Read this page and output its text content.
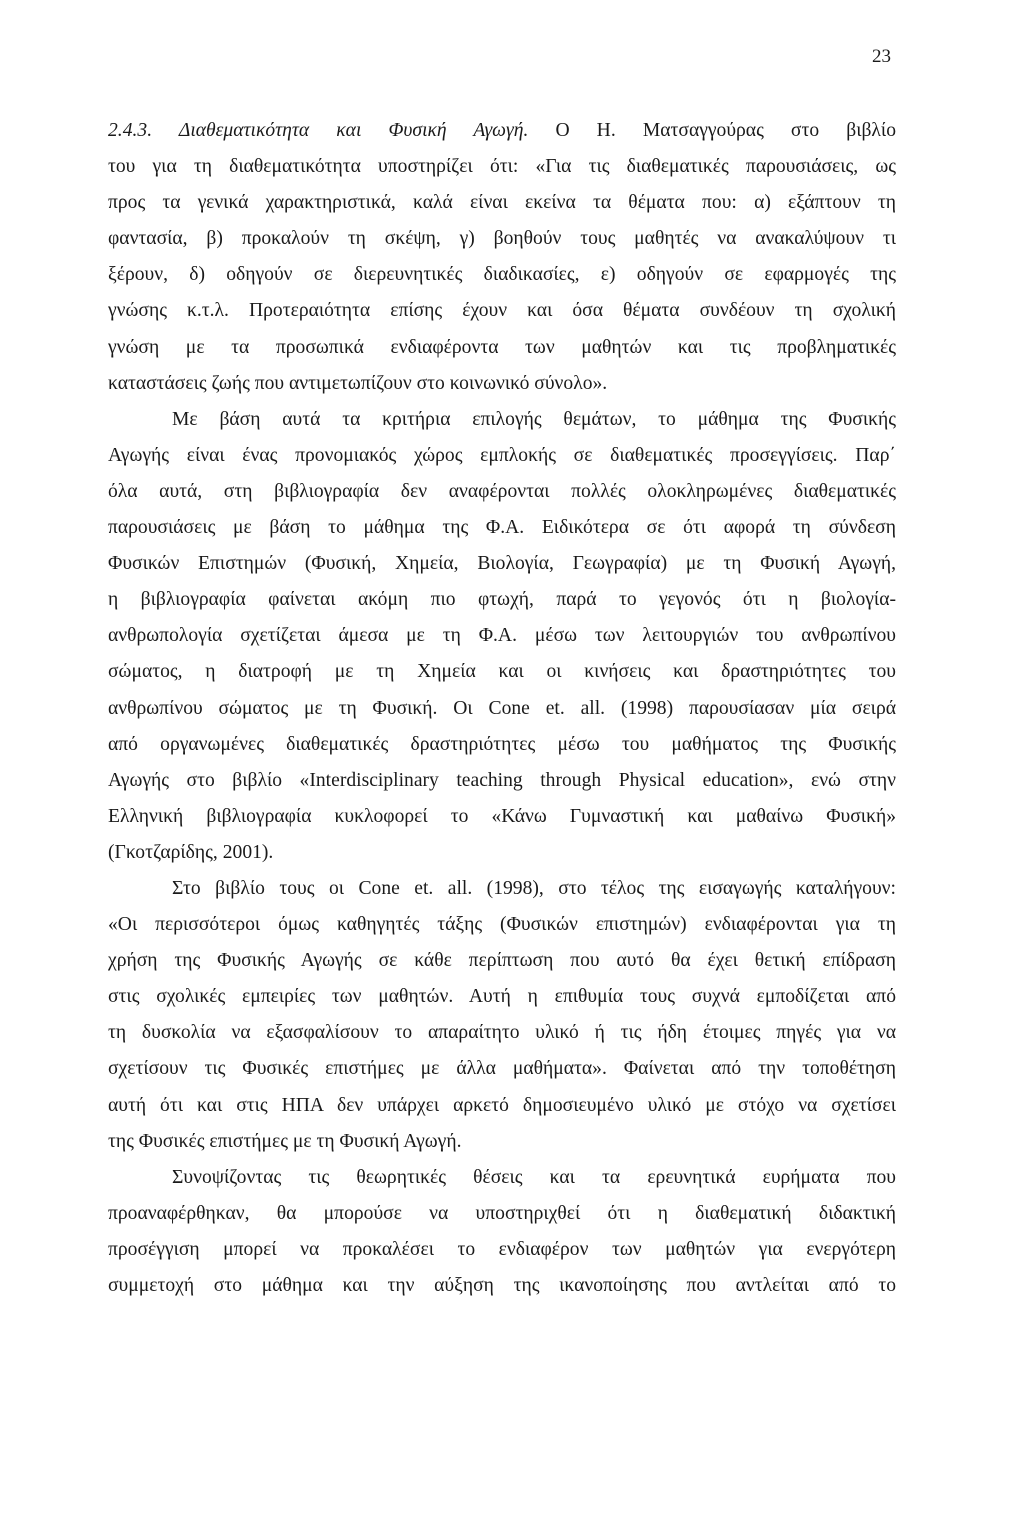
23
2.4.3. Διαθεματικότητα και Φυσική Αγωγή. Ο Η. Ματσαγγούρας στο βιβλίο
του για τη διαθεματικότητα υποστηρίζει ότι: «Για τις διαθεματικές παρουσιάσεις, ως
προς τα γενικά χαρακτηριστικά, καλά είναι εκείνα τα θέματα που: α) εξάπτουν τη
φαντασία, β) προκαλούν τη σκέψη, γ) βοηθούν τους μαθητές να ανακαλύψουν τι
ξέρουν, δ) οδηγούν σε διερευνητικές διαδικασίες, ε) οδηγούν σε εφαρμογές της
γνώσης κ.τ.λ. Προτεραιότητα επίσης έχουν και όσα θέματα συνδέουν τη σχολική
γνώση με τα προσωπικά ενδιαφέροντα των μαθητών και τις προβληματικές
καταστάσεις ζωής που αντιμετωπίζουν στο κοινωνικό σύνολο».
Με βάση αυτά τα κριτήρια επιλογής θεμάτων, το μάθημα της Φυσικής
Αγωγής είναι ένας προνομιακός χώρος εμπλοκής σε διαθεματικές προσεγγίσεις. Παρ΄
όλα αυτά, στη βιβλιογραφία δεν αναφέρονται πολλές ολοκληρωμένες διαθεματικές
παρουσιάσεις με βάση το μάθημα της Φ.Α. Ειδικότερα σε ότι αφορά τη σύνδεση
Φυσικών Επιστημών (Φυσική, Χημεία, Βιολογία, Γεωγραφία) με τη Φυσική Αγωγή,
η βιβλιογραφία φαίνεται ακόμη πιο φτωχή, παρά το γεγονός ότι η βιολογία-
ανθρωπολογία σχετίζεται άμεσα με τη Φ.Α. μέσω των λειτουργιών του ανθρωπίνου
σώματος, η διατροφή με τη Χημεία και οι κινήσεις και δραστηριότητες του
ανθρωπίνου σώματος με τη Φυσική. Οι Cone et. all. (1998) παρουσίασαν μία σειρά
από οργανωμένες διαθεματικές δραστηριότητες μέσω του μαθήματος της Φυσικής
Αγωγής στο βιβλίο «Interdisciplinary teaching through Physical education», ενώ στην
Ελληνική βιβλιογραφία κυκλοφορεί το «Κάνω Γυμναστική και μαθαίνω Φυσική»
(Γκοτζαρίδης, 2001).
Στο βιβλίο τους οι Cone et. all. (1998), στο τέλος της εισαγωγής καταλήγουν:
«Οι περισσότεροι όμως καθηγητές τάξης (Φυσικών επιστημών) ενδιαφέρονται για τη
χρήση της Φυσικής Αγωγής σε κάθε περίπτωση που αυτό θα έχει θετική επίδραση
στις σχολικές εμπειρίες των μαθητών. Αυτή η επιθυμία τους συχνά εμποδίζεται από
τη δυσκολία να εξασφαλίσουν το απαραίτητο υλικό ή τις ήδη έτοιμες πηγές για να
σχετίσουν τις Φυσικές επιστήμες με άλλα μαθήματα». Φαίνεται από την τοποθέτηση
αυτή ότι και στις ΗΠΑ δεν υπάρχει αρκετό δημοσιευμένο υλικό με στόχο να σχετίσει
της Φυσικές επιστήμες με τη Φυσική Αγωγή.
Συνοψίζοντας τις θεωρητικές θέσεις και τα ερευνητικά ευρήματα που
προαναφέρθηκαν, θα μπορούσε να υποστηριχθεί ότι η διαθεματική διδακτική
προσέγγιση μπορεί να προκαλέσει το ενδιαφέρον των μαθητών για ενεργότερη
συμμετοχή στο μάθημα και την αύξηση της ικανοποίησης που αντλείται από το
